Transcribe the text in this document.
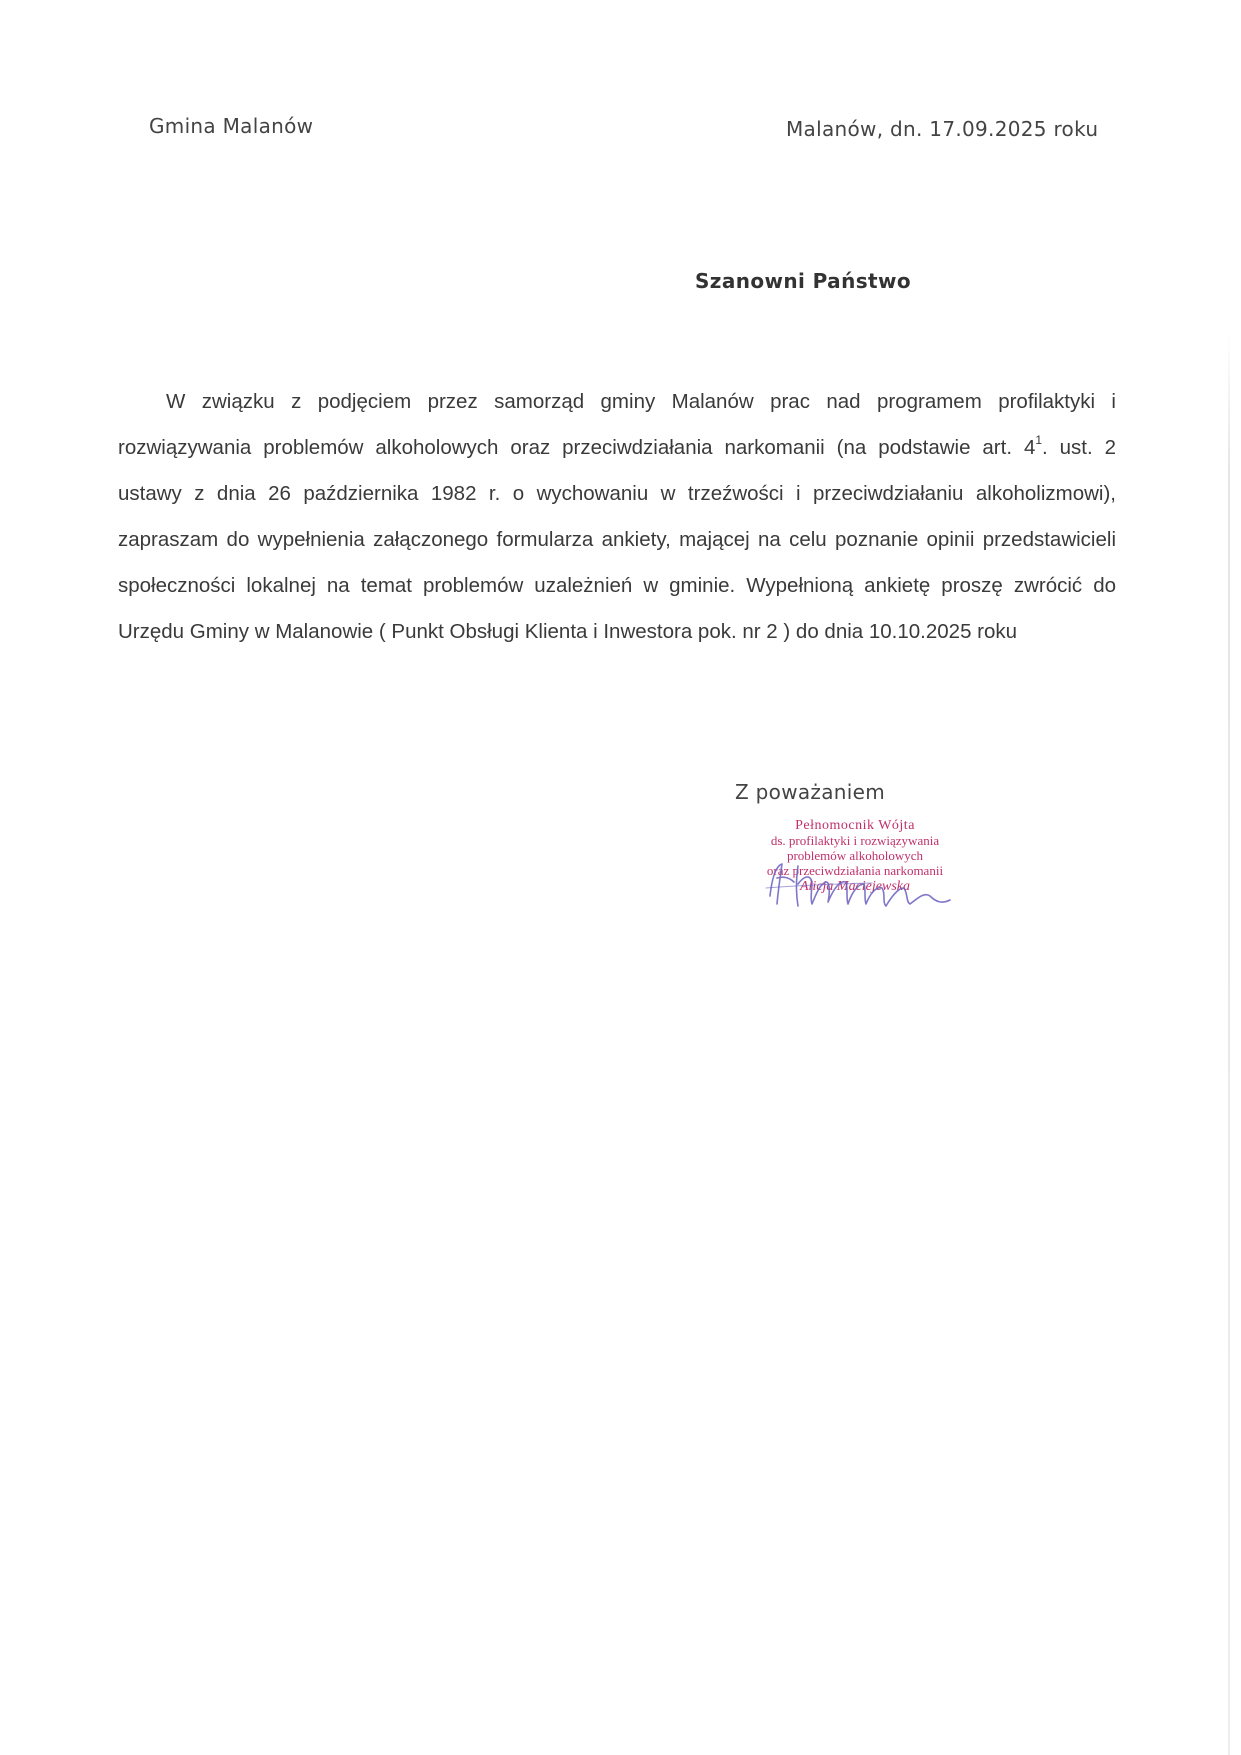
Gmina Malanów	Malanów, dn. 17.09.2025 roku
Szanowni Państwo
W związku z podjęciem przez samorząd gminy Malanów prac nad programem profilaktyki i rozwiązywania problemów alkoholowych oraz przeciwdziałania narkomanii (na podstawie art. $4^1$. ust. 2 ustawy z dnia 26 października 1982 r. o wychowaniu w trzeźwości i przeciwdziałaniu alkoholizmowi), zapraszam do wypełnienia załączonego formularza ankiety, mającej na celu poznanie opinii przedstawicieli społeczności lokalnej na temat problemów uzależnień w gminie. Wypełnioną ankietę proszę zwrócić do Urzędu Gminy w Malanowie ( Punkt Obsługi Klienta i Inwestora pok. nr 2 ) do dnia 10.10.2025 roku
Z poważaniem
Pełnomocnik Wójta
ds. profilaktyki i rozwiązywania
problemów alkoholowych
oraz przeciwdziałania narkomanii
Alicja Maciejewska
